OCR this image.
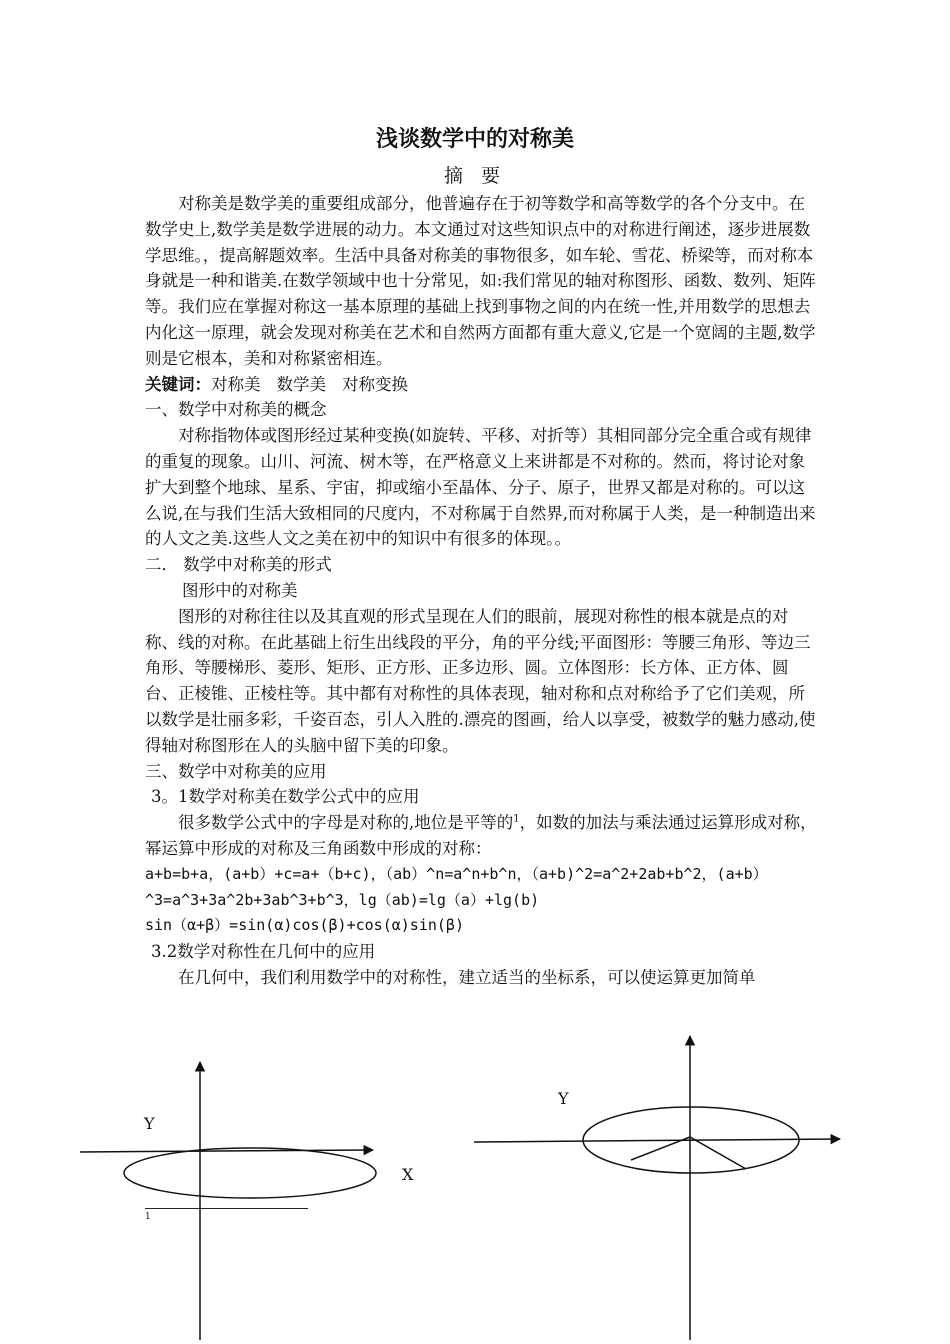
浅谈数学中的对称美
摘 要

对称美是数学美的重要组成部分，他普遍存在于初等数学和高等数学的各个分支中。在数学史上,数学美是数学进展的动力。本文通过对这些知识点中的对称进行阐述，逐步进展数学思维。，提高解题效率。生活中具备对称美的事物很多，如车轮、雪花、桥梁等，而对称本身就是一种和谐美.在数学领域中也十分常见，如:我们常见的轴对称图形、函数、数列、矩阵等。我们应在掌握对称这一基本原理的基础上找到事物之间的内在统一性,并用数学的思想去内化这一原理，就会发现对称美在艺术和自然两方面都有重大意义,它是一个宽阔的主题,数学则是它根本，美和对称紧密相连。

关键词：对称美 数学美 对称变换

一、数学中对称美的概念

对称指物体或图形经过某种变换(如旋转、平移、对折等）其相同部分完全重合或有规律的重复的现象。山川、河流、树木等，在严格意义上来讲都是不对称的。然而，将讨论对象扩大到整个地球、星系、宇宙，抑或缩小至晶体、分子、原子，世界又都是对称的。可以这么说,在与我们生活大致相同的尺度内，不对称属于自然界,而对称属于人类，是一种制造出来的人文之美.这些人文之美在初中的知识中有很多的体现。。

二． 数学中对称美的形式

图形中的对称美

图形的对称往往以及其直观的形式呈现在人们的眼前，展现对称性的根本就是点的对称、线的对称。在此基础上衍生出线段的平分，角的平分线;平面图形：等腰三角形、等边三角形、等腰梯形、菱形、矩形、正方形、正多边形、圆。立体图形：长方体、正方体、圆台、正棱锥、正棱柱等。其中都有对称性的具体表现，轴对称和点对称给予了它们美观，所以数学是壮丽多彩，千姿百态，引人入胜的.漂亮的图画，给人以享受，被数学的魅力感动,使得轴对称图形在人的头脑中留下美的印象。

三、数学中对称美的应用

3。1数学对称美在数学公式中的应用

很多数学公式中的字母是对称的,地位是平等的$^1$，如数的加法与乘法通过运算形成对称，幂运算中形成的对称及三角函数中形成的对称：

a+b=b+a，(a+b）+c=a+（b+c)，（ab）^n=a^n+b^n，（a+b)^2=a^2+2ab+b^2，(a+b）^3=a^3+3a^2b+3ab^3+b^3，lg（ab)=lg（a）+lg(b)

sin（α+β）=sin(α)cos(β)+cos(α)sin(β)

3.2数学对称性在几何中的应用

在几何中，我们利用数学中的对称性，建立适当的坐标系，可以使运算更加简单

Y
X
Y
1
